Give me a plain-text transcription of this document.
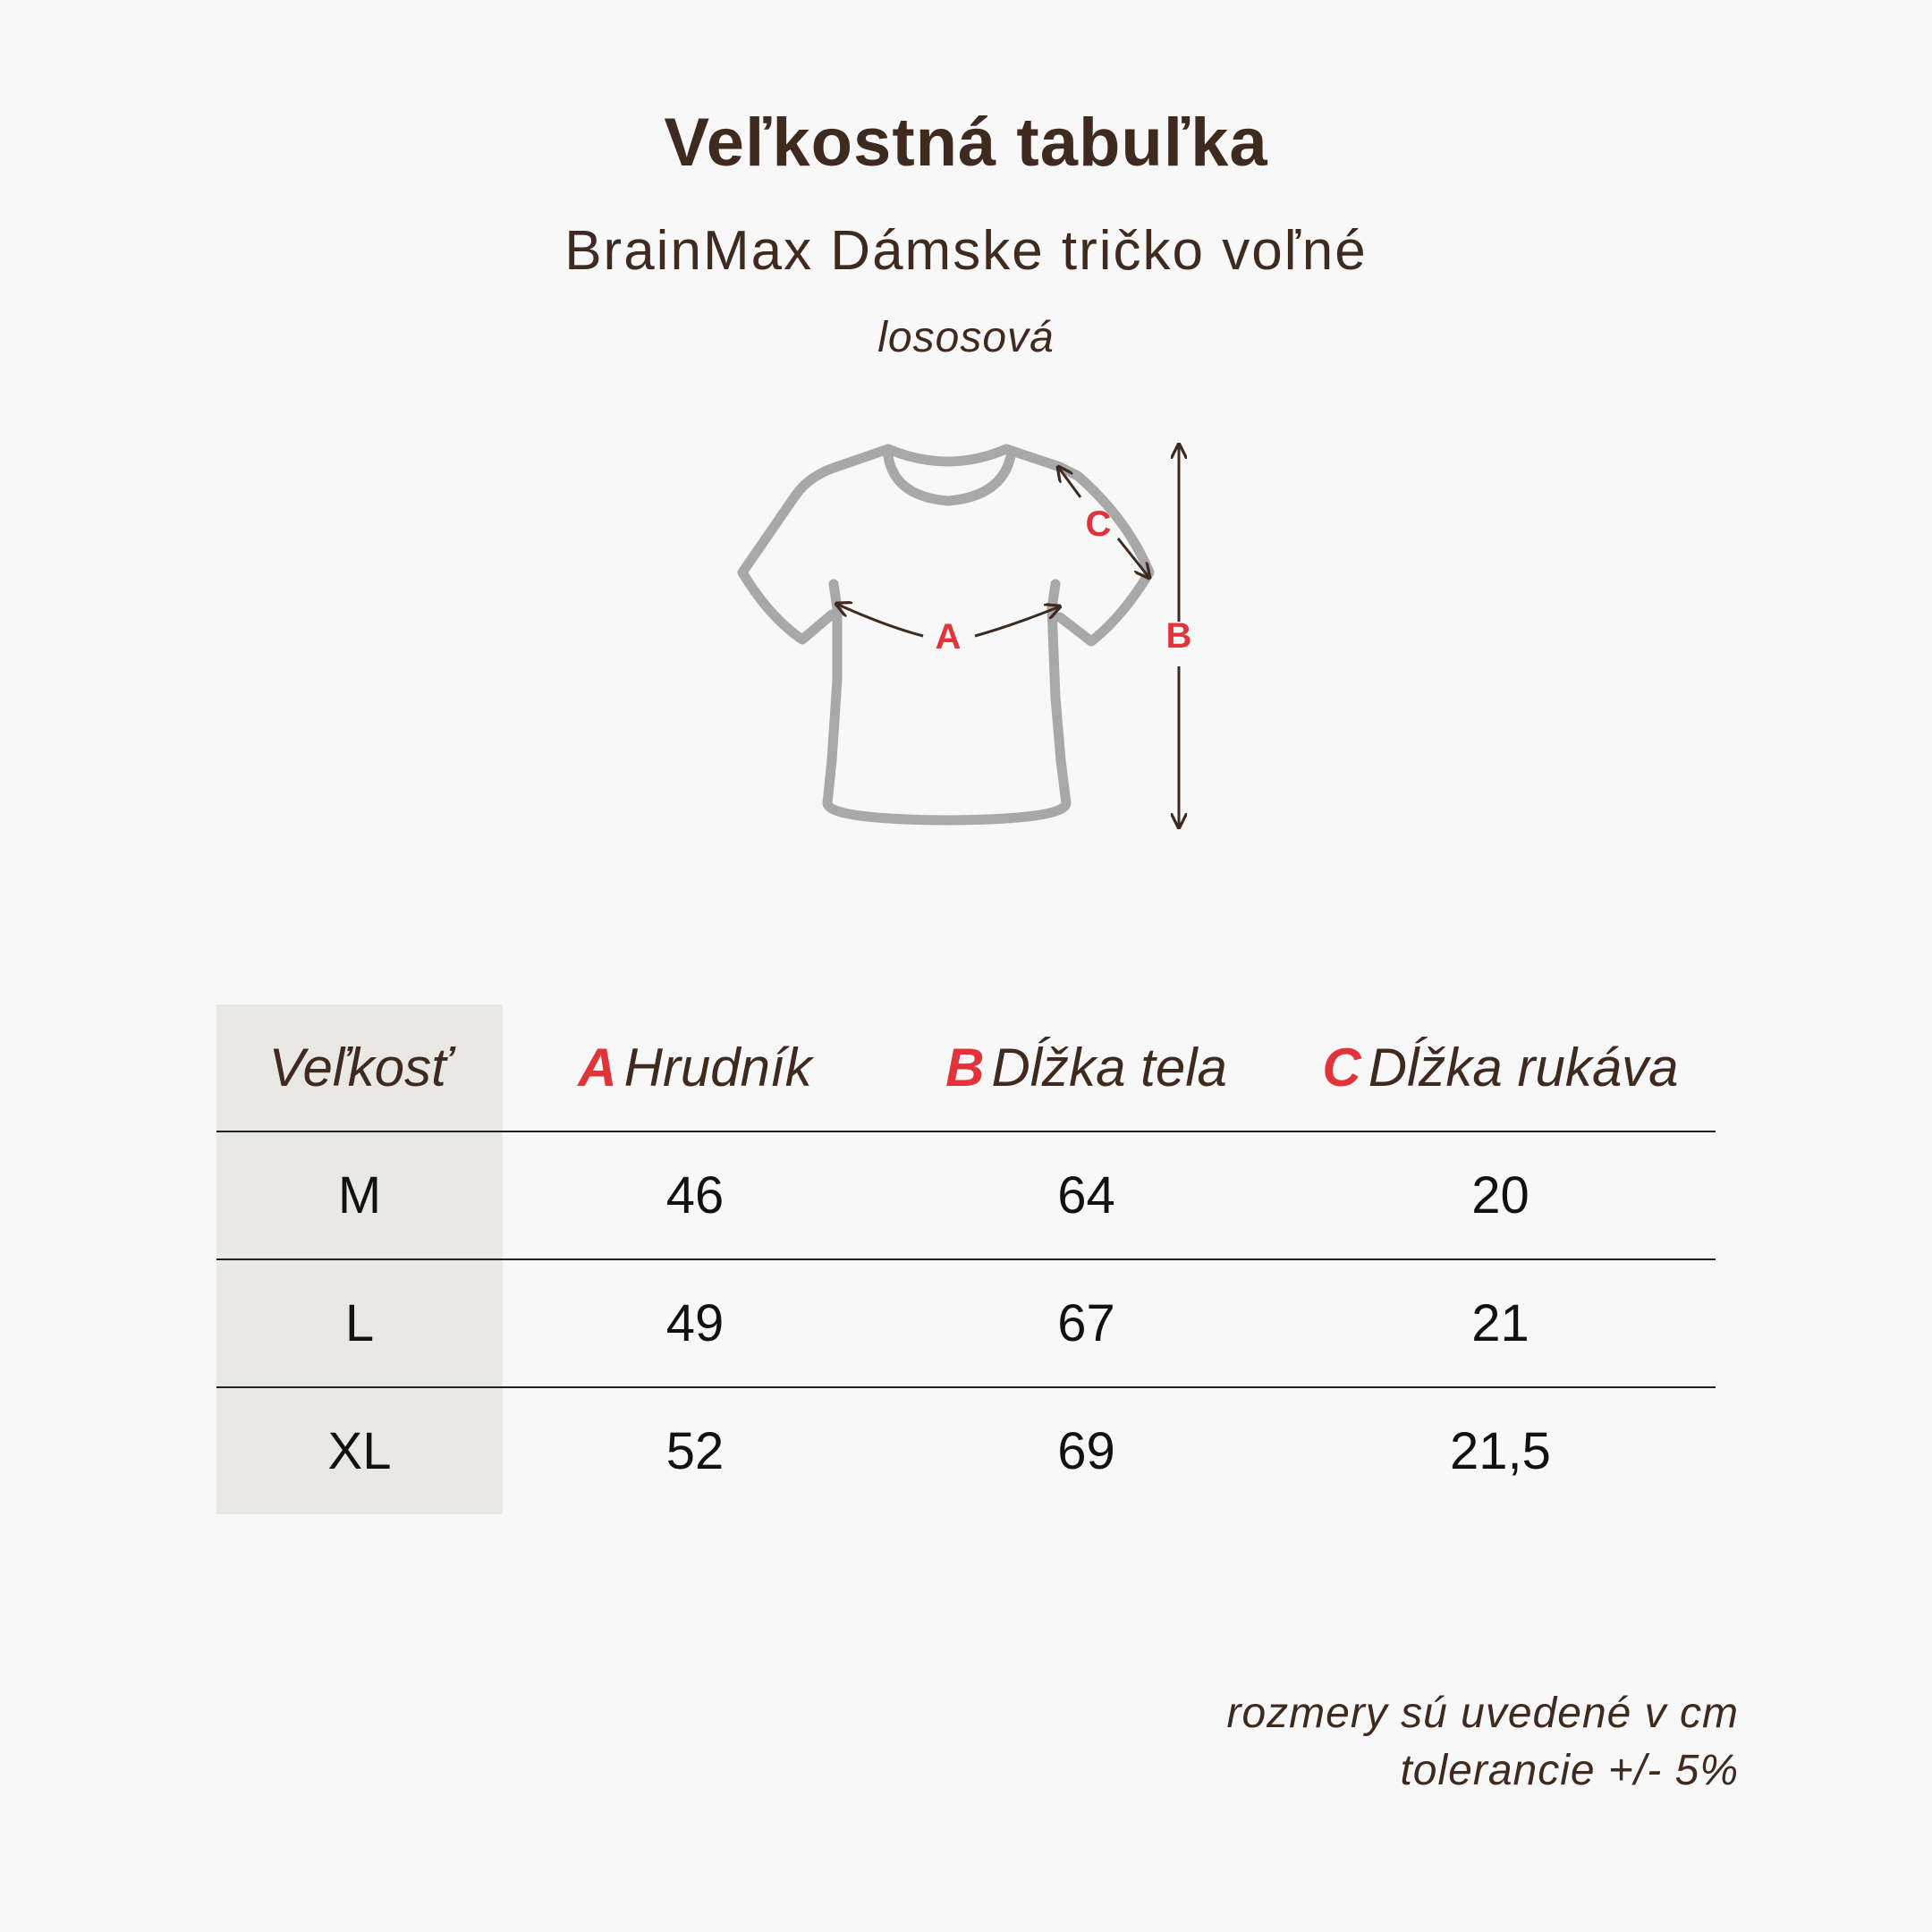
Veľkostná tabuľka
BrainMax Dámske tričko voľné
lososová
A	B
C
Veľkosť	A Hrudník	B Dĺžka tela	C Dĺžka rukáva
M	46	64	20
L	49	67	21
XL	52	69	21,5
rozmery sú uvedené v cm
tolerancie +/- 5%
